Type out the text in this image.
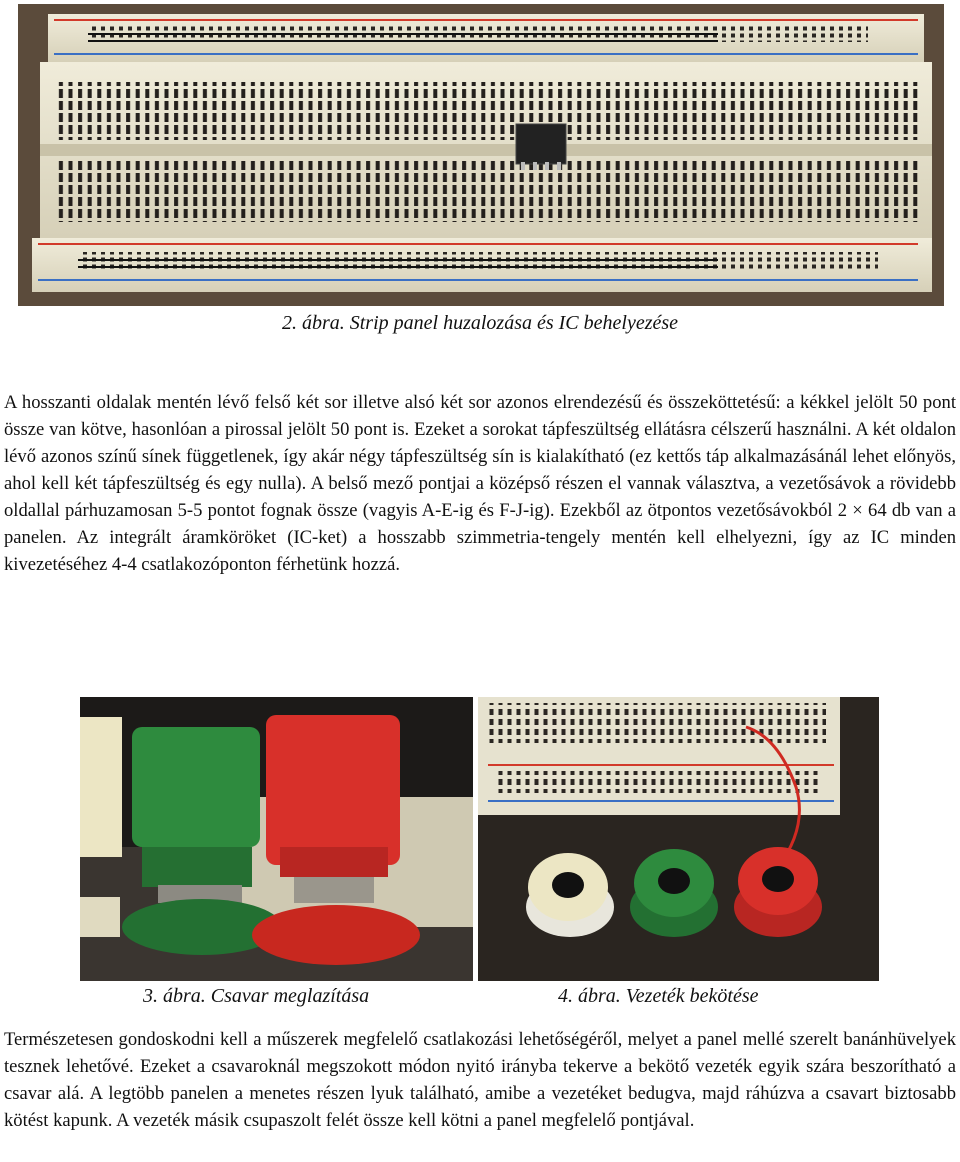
2. ábra. Strip panel huzalozása és IC behelyezése
A hosszanti oldalak mentén lévő felső két sor illetve alsó két sor azonos elrendezésű és összeköttetésű: a kékkel jelölt 50 pont össze van kötve, hasonlóan a pirossal jelölt 50 pont is. Ezeket a sorokat tápfeszültség ellátásra célszerű használni. A két oldalon lévő azonos színű sínek függetlenek, így akár négy tápfeszültség sín is kialakítható (ez kettős táp alkalmazásánál lehet előnyös, ahol kell két tápfeszültség és egy nulla). A belső mező pontjai a középső részen el vannak választva, a vezetősávok a rövidebb oldallal párhuzamosan 5-5 pontot fognak össze (vagyis A-E-ig és F-J-ig). Ezekből az ötpontos vezetősávokból 2 × 64 db van a panelen. Az integrált áramköröket (IC-ket) a hosszabb szimmetria-tengely mentén kell elhelyezni, így az IC minden kivezetéséhez 4-4 csatlakozóponton férhetünk hozzá.
3. ábra. Csavar meglazítása	4. ábra. Vezeték bekötése
Természetesen gondoskodni kell a műszerek megfelelő csatlakozási lehetőségéről, melyet a panel mellé szerelt banánhüvelyek tesznek lehetővé. Ezeket a csavaroknál megszokott módon nyitó irányba tekerve a bekötő vezeték egyik szára beszorítható a csavar alá. A legtöbb panelen a menetes részen lyuk található, amibe a vezetéket bedugva, majd ráhúzva a csavart biztosabb kötést kapunk. A vezeték másik csupaszolt felét össze kell kötni a panel megfelelő pontjával.
